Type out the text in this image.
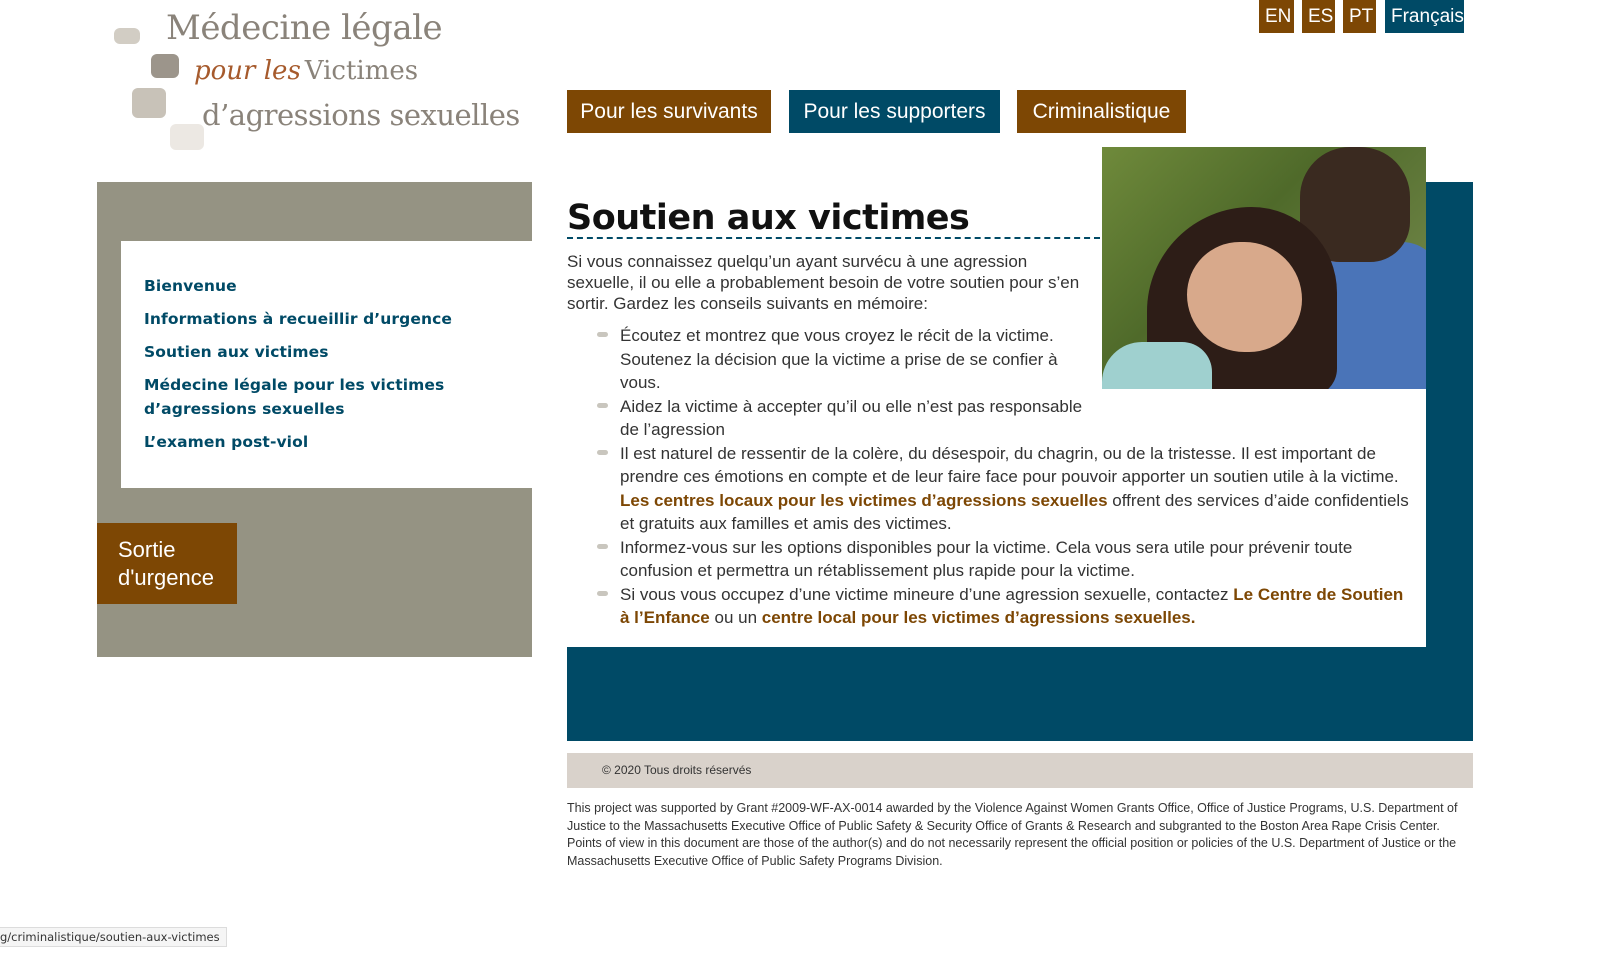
Médecine légale
pour les Victimes
d’agressions sexuelles
EN ES PT Français
Pour les survivants	Pour les supporters	Criminalistique
Bienvenue
Informations à recueillir d’urgence
Soutien aux victimes
Médecine légale pour les victimes d’agressions sexuelles
L’examen post-viol
Sortie d'urgence
Soutien aux victimes

Si vous connaissez quelqu’un ayant survécu à une agression sexuelle, il ou elle a probablement besoin de votre soutien pour s’en sortir. Gardez les conseils suivants en mémoire:

Écoutez et montrez que vous croyez le récit de la victime. Soutenez la décision que la victime a prise de se confier à vous.
Aidez la victime à accepter qu’il ou elle n’est pas responsable de l’agression
Il est naturel de ressentir de la colère, du désespoir, du chagrin, ou de la tristesse. Il est important de prendre ces émotions en compte et de leur faire face pour pouvoir apporter un soutien utile à la victime. Les centres locaux pour les victimes d’agressions sexuelles offrent des services d’aide confidentiels et gratuits aux familles et amis des victimes.
Informez-vous sur les options disponibles pour la victime. Cela vous sera utile pour prévenir toute confusion et permettra un rétablissement plus rapide pour la victime.
Si vous vous occupez d’une victime mineure d’une agression sexuelle, contactez Le Centre de Soutien à l’Enfance ou un centre local pour les victimes d’agressions sexuelles.
© 2020 Tous droits réservés

This project was supported by Grant #2009-WF-AX-0014 awarded by the Violence Against Women Grants Office, Office of Justice Programs, U.S. Department of Justice to the Massachusetts Executive Office of Public Safety & Security Office of Grants & Research and subgranted to the Boston Area Rape Crisis Center. Points of view in this document are those of the author(s) and do not necessarily represent the official position or policies of the U.S. Department of Justice or the Massachusetts Executive Office of Public Safety Programs Division.

g/criminalistique/soutien-aux-victimes
